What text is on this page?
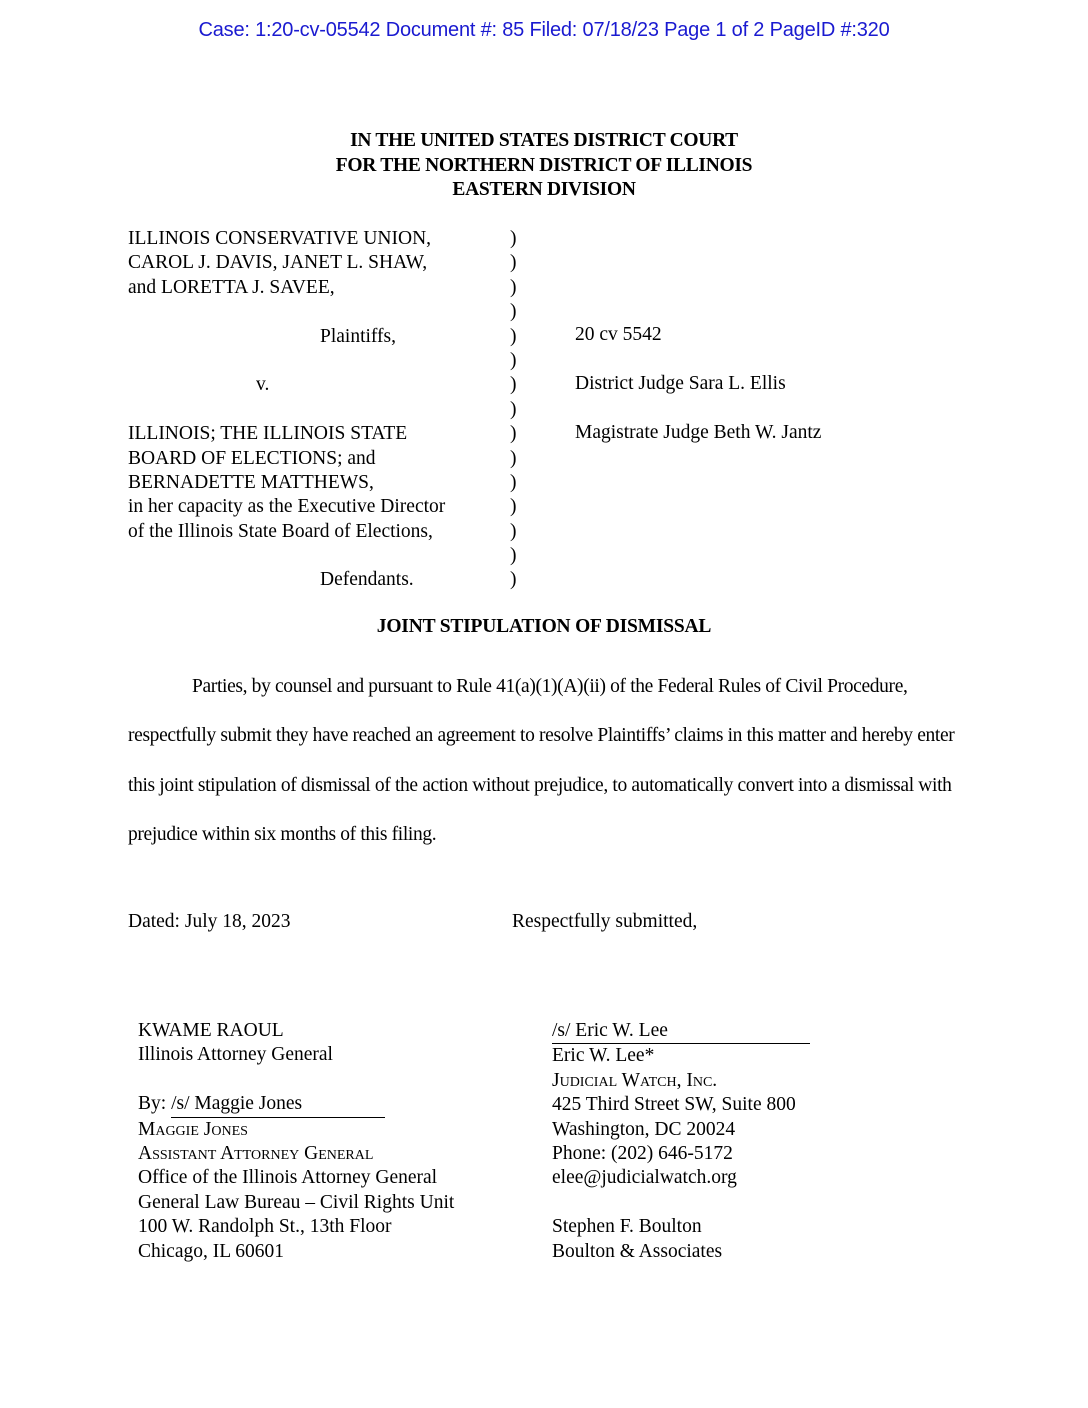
Case: 1:20-cv-05542 Document #: 85 Filed: 07/18/23 Page 1 of 2 PageID #:320
IN THE UNITED STATES DISTRICT COURT
FOR THE NORTHERN DISTRICT OF ILLINOIS
EASTERN DIVISION
ILLINOIS CONSERVATIVE UNION,	)
CAROL J. DAVIS, JANET L. SHAW,	)
and LORETTA J. SAVEE,	)
)
Plaintiffs,	)
)
v.	)
)
ILLINOIS; THE ILLINOIS STATE	)
BOARD OF ELECTIONS; and	)
BERNADETTE MATTHEWS,	)
in her capacity as the Executive Director	)
of the Illinois State Board of Elections,	)
)
Defendants.	)
20 cv 5542
District Judge Sara L. Ellis
Magistrate Judge Beth W. Jantz
JOINT STIPULATION OF DISMISSAL
Parties, by counsel and pursuant to Rule 41(a)(1)(A)(ii) of the Federal Rules of Civil Procedure, respectfully submit they have reached an agreement to resolve Plaintiffs’ claims in this matter and hereby enter this joint stipulation of dismissal of the action without prejudice, to automatically convert into a dismissal with prejudice within six months of this filing.
Dated: July 18, 2023	Respectfully submitted,
KWAME RAOUL
Illinois Attorney General
By: /s/ Maggie Jones
Maggie Jones
Assistant Attorney General
Office of the Illinois Attorney General
General Law Bureau – Civil Rights Unit
100 W. Randolph St., 13th Floor
Chicago, IL 60601
/s/ Eric W. Lee
Eric W. Lee*
Judicial Watch, Inc.
425 Third Street SW, Suite 800
Washington, DC 20024
Phone: (202) 646-5172
elee@judicialwatch.org
Stephen F. Boulton
Boulton & Associates
